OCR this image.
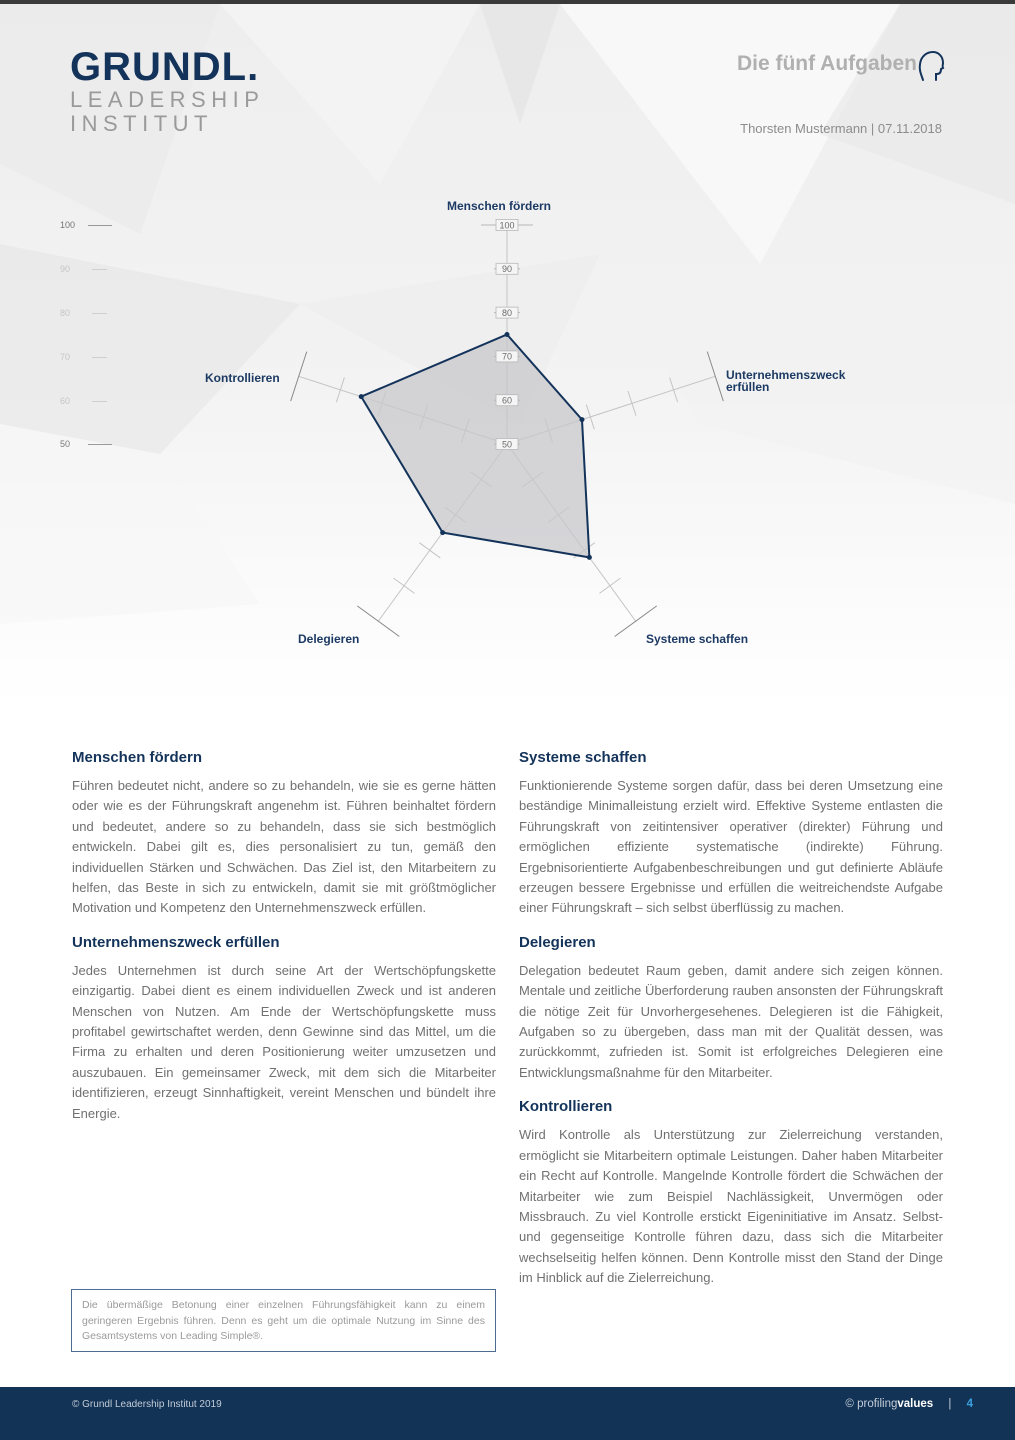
GRUNDL.
LEADERSHIP
INSTITUT
Die fünf Aufgaben
Thorsten Mustermann | 07.11.2018
100
90
80
70
60
50	50
60
70
80
90
100
Menschen fördern
Unternehmenszweck
erfüllen
Systeme schaffen
Delegieren
Kontrollieren
Menschen fördern

Führen bedeutet nicht, andere so zu behandeln, wie sie es gerne hätten oder wie es der Führungskraft angenehm ist. Führen beinhaltet fördern und bedeutet, andere so zu behandeln, dass sie sich bestmöglich entwickeln. Dabei gilt es, dies personalisiert zu tun, gemäß den individuellen Stärken und Schwächen. Das Ziel ist, den Mitarbeitern zu helfen, das Beste in sich zu entwickeln, damit sie mit größtmöglicher Motivation und Kompetenz den Unternehmenszweck erfüllen.

Unternehmenszweck erfüllen

Jedes Unternehmen ist durch seine Art der Wertschöpfungskette einzigartig. Dabei dient es einem individuellen Zweck und ist anderen Menschen von Nutzen. Am Ende der Wertschöpfungskette muss profitabel gewirtschaftet werden, denn Gewinne sind das Mittel, um die Firma zu erhalten und deren Positionierung weiter umzusetzen und auszubauen. Ein gemeinsamer Zweck, mit dem sich die Mitarbeiter identifizieren, erzeugt Sinnhaftigkeit, vereint Menschen und bündelt ihre Energie.

Systeme schaffen

Funktionierende Systeme sorgen dafür, dass bei deren Umsetzung eine beständige Minimalleistung erzielt wird. Effektive Systeme entlasten die Führungskraft von zeitintensiver operativer (direkter) Führung und ermöglichen effiziente systematische (indirekte) Führung. Ergebnisorientierte Aufgabenbeschreibungen und gut definierte Abläufe erzeugen bessere Ergebnisse und erfüllen die weitreichendste Aufgabe einer Führungskraft – sich selbst überflüssig zu machen.

Delegieren

Delegation bedeutet Raum geben, damit andere sich zeigen können. Mentale und zeitliche Überforderung rauben ansonsten der Führungskraft die nötige Zeit für Unvorhergesehenes. Delegieren ist die Fähigkeit, Aufgaben so zu übergeben, dass man mit der Qualität dessen, was zurückkommt, zufrieden ist. Somit ist erfolgreiches Delegieren eine Entwicklungsmaßnahme für den Mitarbeiter.

Kontrollieren

Wird Kontrolle als Unterstützung zur Zielerreichung verstanden, ermöglicht sie Mitarbeitern optimale Leistungen. Daher haben Mitarbeiter ein Recht auf Kontrolle. Mangelnde Kontrolle fördert die Schwächen der Mitarbeiter wie zum Beispiel Nachlässigkeit, Unvermögen oder Missbrauch. Zu viel Kontrolle erstickt Eigeninitiative im Ansatz. Selbst- und gegenseitige Kontrolle führen dazu, dass sich die Mitarbeiter wechselseitig helfen können. Denn Kontrolle misst den Stand der Dinge im Hinblick auf die Zielerreichung.

Die übermäßige Betonung einer einzelnen Führungsfähigkeit kann zu einem geringeren Ergebnis führen. Denn es geht um die optimale Nutzung im Sinne des Gesamtsystems von Leading Simple®.
© Grundl Leadership Institut 2019	© profilingvalues | 4
